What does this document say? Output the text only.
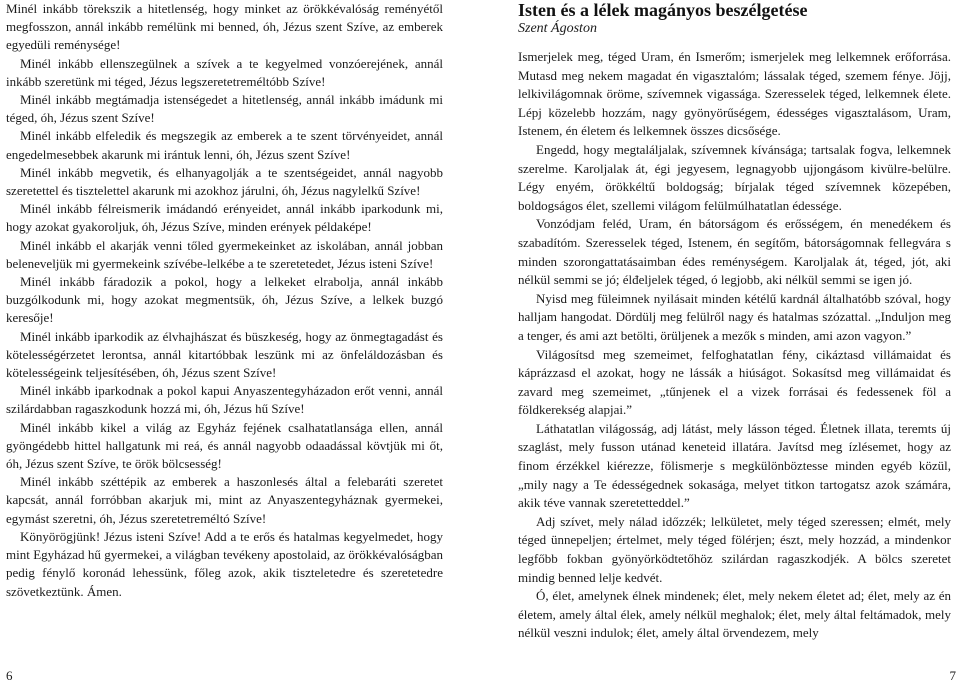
Minél inkább törekszik a hitetlenség, hogy minket az örökkévalóság reményétől megfosszon, annál inkább remélünk mi benned, óh, Jézus szent Szíve, az emberek egyedüli reménysége!

Minél inkább ellenszegülnek a szívek a te kegyelmed vonzóerejének, annál inkább szeretünk mi téged, Jézus legszeretetreméltóbb Szíve!

Minél inkább megtámadja istenségedet a hitetlenség, annál inkább imádunk mi téged, óh, Jézus szent Szíve!

Minél inkább elfeledik és megszegik az emberek a te szent törvényeidet, annál engedelmesebbek akarunk mi irántuk lenni, óh, Jézus szent Szíve!

Minél inkább megvetik, és elhanyagolják a te szentségeidet, annál nagyobb szeretettel és tisztelettel akarunk mi azokhoz járulni, óh, Jézus nagylelkű Szíve!

Minél inkább félreismerik imádandó erényeidet, annál inkább iparkodunk mi, hogy azokat gyakoroljuk, óh, Jézus Szíve, minden erények példaképe!

Minél inkább el akarják venni tőled gyermekeinket az iskolában, annál jobban beleneveljük mi gyermekeink szívébe-lelkébe a te szeretetedet, Jézus isteni Szíve!

Minél inkább fáradozik a pokol, hogy a lelkeket elrabolja, annál inkább buzgólkodunk mi, hogy azokat megmentsük, óh, Jézus Szíve, a lelkek buzgó keresője!

Minél inkább iparkodik az élvhajhászat és büszkeség, hogy az önmegtagadást és kötelességérzetet lerontsa, annál kitartóbbak leszünk mi az önfeláldozásban és kötelességeink teljesítésében, óh, Jézus szent Szíve!

Minél inkább iparkodnak a pokol kapui Anyaszentegyházadon erőt venni, annál szilárdabban ragaszkodunk hozzá mi, óh, Jézus hű Szíve!

Minél inkább kikel a világ az Egyház fejének csalhatatlansága ellen, annál gyöngédebb hittel hallgatunk mi reá, és annál nagyobb odaadással kövtjük mi őt, óh, Jézus szent Szíve, te örök bölcsesség!

Minél inkább széttépik az emberek a haszonlesés által a felebaráti szeretet kapcsát, annál forróbban akarjuk mi, mint az Anyaszentegyháznak gyermekei, egymást szeretni, óh, Jézus szeretetreméltó Szíve!

Könyörögjünk! Jézus isteni Szíve! Add a te erős és hatalmas kegyelmedet, hogy mint Egyházad hű gyermekei, a világban tevékeny apostolaid, az örökkévalóságban pedig fénylő koronád lehessünk, főleg azok, akik tiszteletedre és szeretetedre szövetkeztünk. Ámen.

6
Isten és a lélek magányos beszélgetése
Szent Ágoston

Ismerjelek meg, téged Uram, én Ismerőm; ismerjelek meg lelkemnek erőforrása. Mutasd meg nekem magadat én vigasztalóm; lássalak téged, szemem fénye. Jöjj, lelkivilágomnak öröme, szívemnek vigassága. Szeresselek téged, lelkemnek élete. Lépj közelebb hozzám, nagy gyönyörűségem, édességes vigasztalásom, Uram, Istenem, én életem és lelkemnek összes dicsősége.

Engedd, hogy megtaláljalak, szívemnek kívánsága; tartsalak fogva, lelkemnek szerelme. Karoljalak át, égi jegyesem, legnagyobb ujjongásom kivülre-belülre. Légy enyém, örökkéltű boldogság; bírjalak téged szívemnek közepében, boldogságos élet, szellemi világom felülmúlhatatlan édessége.

Vonzódjam feléd, Uram, én bátorságom és erősségem, én menedékem és szabadítóm. Szeresselek téged, Istenem, én segítőm, bátorságomnak fellegvára s minden szorongattatásaimban édes reménységem. Karoljalak át, téged, jót, aki nélkül semmi se jó; élđeljelek téged, ó legjobb, aki nélkül semmi se igen jó.

Nyisd meg füleimnek nyilásait minden kétélű kardnál általhatóbb szóval, hogy halljam hangodat. Dördülj meg felülről nagy és hatalmas szózattal. „Induljon meg a tenger, és ami azt betölti, örüljenek a mezők s minden, ami azon vagyon.”

Világosítsd meg szemeimet, felfoghatatlan fény, cikáztasd villámaidat és káprázzasd el azokat, hogy ne lássák a hiúságot. Sokasítsd meg villámaidat és zavard meg szemeimet, „tűnjenek el a vizek forrásai és fedessenek föl a földkerekség alapjai.”

Láthatatlan világosság, adj látást, mely lásson téged. Életnek illata, teremts új szaglást, mely fusson utánad keneteid illatára. Javítsd meg ízlésemet, hogy az finom érzékkel kiérezze, fölismerje s megkülönböztesse minden egyéb közül, „mily nagy a Te édességednek sokasága, melyet titkon tartogatsz azok számára, akik téve vannak szeretetteddel.”

Adj szívet, mely nálad időzzék; lelkületet, mely téged szeressen; elmét, mely téged ünnepeljen; értelmet, mely téged fölérjen; észt, mely hozzád, a mindenkor legfőbb fokban gyönyörködtetőhöz szilárdan ragaszkodjék. A bölcs szeretet mindig benned lelje kedvét.

Ó, élet, amelynek élnek mindenek; élet, mely nekem életet ad; élet, mely az én életem, amely által élek, amely nélkül meghalok; élet, mely által feltámadok, mely nélkül veszni indulok; élet, amely által örvendezem, mely

7
